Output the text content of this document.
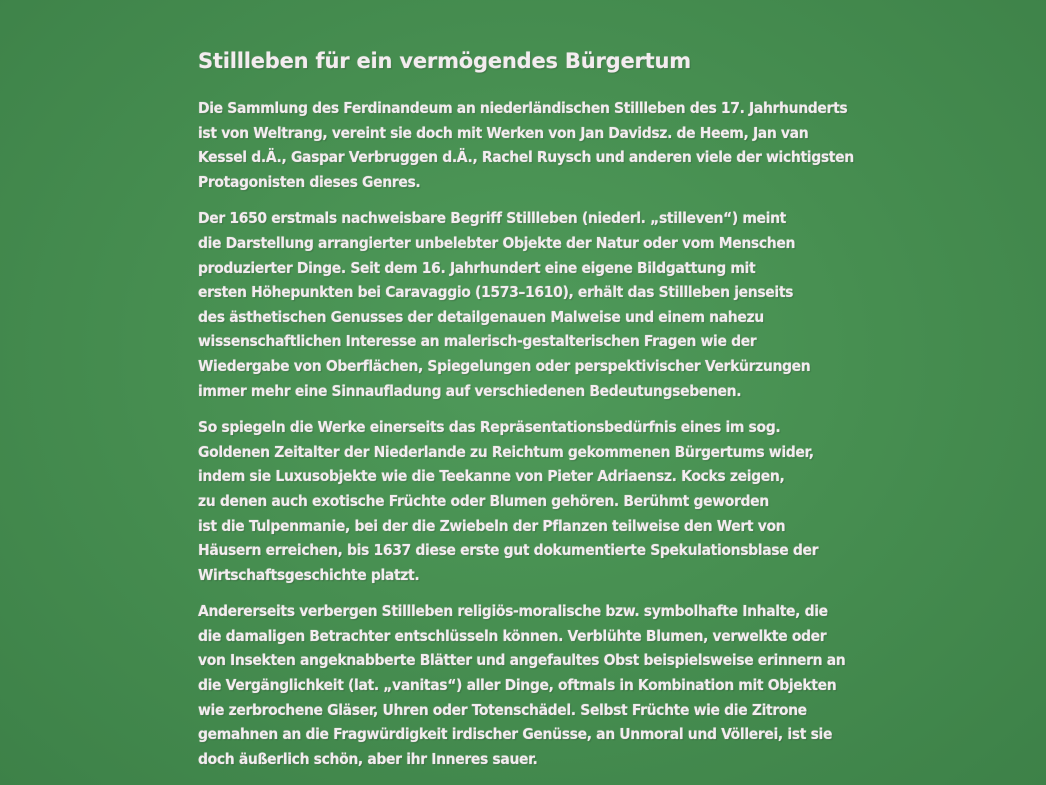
Stillleben für ein vermögendes Bürgertum
Die Sammlung des Ferdinandeum an niederländischen Stillleben des 17. Jahrhunderts
ist von Weltrang, vereint sie doch mit Werken von Jan Davidsz. de Heem, Jan van
Kessel d.Ä., Gaspar Verbruggen d.Ä., Rachel Ruysch und anderen viele der wichtigsten
Protagonisten dieses Genres.
Der 1650 erstmals nachweisbare Begriff Stillleben (niederl. „stilleven“) meint
die Darstellung arrangierter unbelebter Objekte der Natur oder vom Menschen
produzierter Dinge. Seit dem 16. Jahrhundert eine eigene Bildgattung mit
ersten Höhepunkten bei Caravaggio (1573–1610), erhält das Stillleben jenseits
des ästhetischen Genusses der detailgenauen Malweise und einem nahezu
wissenschaftlichen Interesse an malerisch-gestalterischen Fragen wie der
Wiedergabe von Oberflächen, Spiegelungen oder perspektivischer Verkürzungen
immer mehr eine Sinnaufladung auf verschiedenen Bedeutungsebenen.
So spiegeln die Werke einerseits das Repräsentationsbedürfnis eines im sog.
Goldenen Zeitalter der Niederlande zu Reichtum gekommenen Bürgertums wider,
indem sie Luxusobjekte wie die Teekanne von Pieter Adriaensz. Kocks zeigen,
zu denen auch exotische Früchte oder Blumen gehören. Berühmt geworden
ist die Tulpenmanie, bei der die Zwiebeln der Pflanzen teilweise den Wert von
Häusern erreichen, bis 1637 diese erste gut dokumentierte Spekulationsblase der
Wirtschaftsgeschichte platzt.
Andererseits verbergen Stillleben religiös-moralische bzw. symbolhafte Inhalte, die
die damaligen Betrachter entschlüsseln können. Verblühte Blumen, verwelkte oder
von Insekten angeknabberte Blätter und angefaultes Obst beispielsweise erinnern an
die Vergänglichkeit (lat. „vanitas“) aller Dinge, oftmals in Kombination mit Objekten
wie zerbrochene Gläser, Uhren oder Totenschädel. Selbst Früchte wie die Zitrone
gemahnen an die Fragwürdigkeit irdischer Genüsse, an Unmoral und Völlerei, ist sie
doch äußerlich schön, aber ihr Inneres sauer.
